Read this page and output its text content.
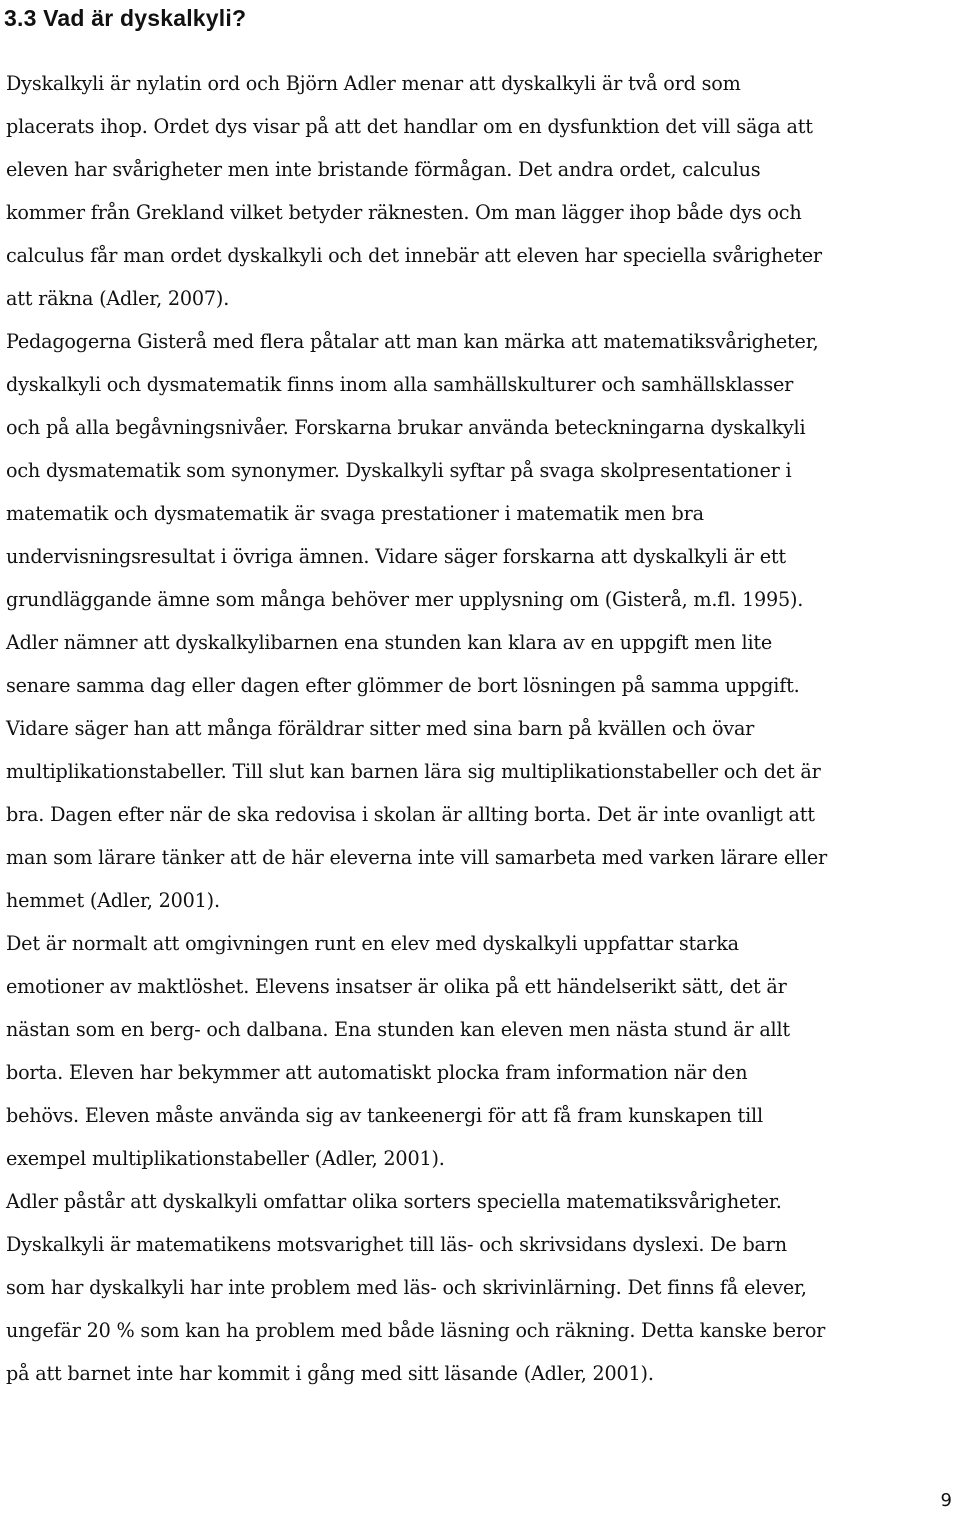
3.3 Vad är dyskalkyli?

Dyskalkyli är nylatin ord och Björn Adler menar att dyskalkyli är två ord som
placerats ihop. Ordet dys visar på att det handlar om en dysfunktion det vill säga att
eleven har svårigheter men inte bristande förmågan. Det andra ordet, calculus
kommer från Grekland vilket betyder räknesten. Om man lägger ihop både dys och
calculus får man ordet dyskalkyli och det innebär att eleven har speciella svårigheter
att räkna (Adler, 2007).

Pedagogerna Gisterå med flera påtalar att man kan märka att matematiksvårigheter,
dyskalkyli och dysmatematik finns inom alla samhällskulturer och samhällsklasser
och på alla begåvningsnivåer. Forskarna brukar använda beteckningarna dyskalkyli
och dysmatematik som synonymer. Dyskalkyli syftar på svaga skolpresentationer i
matematik och dysmatematik är svaga prestationer i matematik men bra
undervisningsresultat i övriga ämnen. Vidare säger forskarna att dyskalkyli är ett
grundläggande ämne som många behöver mer upplysning om (Gisterå, m.fl. 1995).

Adler nämner att dyskalkylibarnen ena stunden kan klara av en uppgift men lite
senare samma dag eller dagen efter glömmer de bort lösningen på samma uppgift.
Vidare säger han att många föräldrar sitter med sina barn på kvällen och övar
multiplikationstabeller. Till slut kan barnen lära sig multiplikationstabeller och det är
bra. Dagen efter när de ska redovisa i skolan är allting borta. Det är inte ovanligt att
man som lärare tänker att de här eleverna inte vill samarbeta med varken lärare eller
hemmet (Adler, 2001).

Det är normalt att omgivningen runt en elev med dyskalkyli uppfattar starka
emotioner av maktlöshet. Elevens insatser är olika på ett händelserikt sätt, det är
nästan som en berg- och dalbana. Ena stunden kan eleven men nästa stund är allt
borta. Eleven har bekymmer att automatiskt plocka fram information när den
behövs. Eleven måste använda sig av tankeenergi för att få fram kunskapen till
exempel multiplikationstabeller (Adler, 2001).

Adler påstår att dyskalkyli omfattar olika sorters speciella matematiksvårigheter.
Dyskalkyli är matematikens motsvarighet till läs- och skrivsidans dyslexi. De barn
som har dyskalkyli har inte problem med läs- och skrivinlärning. Det finns få elever,
ungefär 20 % som kan ha problem med både läsning och räkning. Detta kanske beror
på att barnet inte har kommit i gång med sitt läsande (Adler, 2001).

9
